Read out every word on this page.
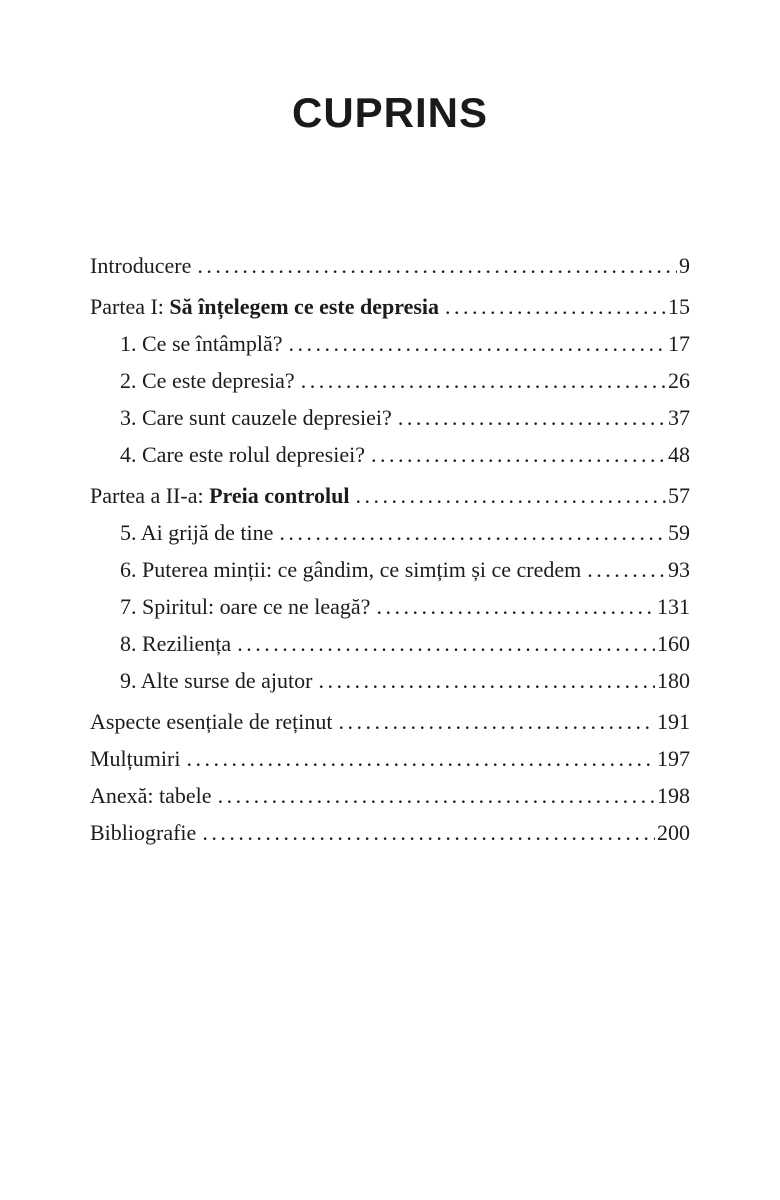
CUPRINS
Introducere .....	9
Partea I: Să înțelegem ce este depresia .....	15
1. Ce se întâmplă? .....	17
2. Ce este depresia? .....	26
3. Care sunt cauzele depresiei? .....	37
4. Care este rolul depresiei? .....	48
Partea a II-a: Preia controlul .....	57
5. Ai grijă de tine .....	59
6. Puterea minții: ce gândim, ce simțim și ce credem .....	93
7. Spiritul: oare ce ne leagă? .....	131
8. Reziliența .....	160
9. Alte surse de ajutor .....	180
Aspecte esențiale de reținut .....	191
Mulțumiri .....	197
Anexă: tabele .....	198
Bibliografie .....	200
